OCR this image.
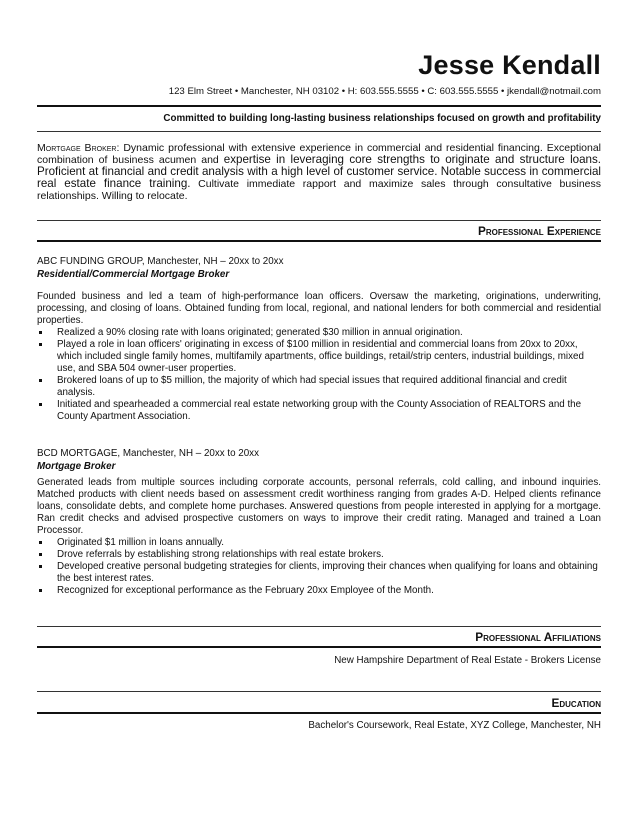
Jesse Kendall
123 Elm Street • Manchester, NH 03102 • H: 603.555.5555 • C: 603.555.5555 • jkendall@notmail.com
Committed to building long-lasting business relationships focused on growth and profitability
Mortgage Broker: Dynamic professional with extensive experience in commercial and residential financing. Exceptional combination of business acumen and expertise in leveraging core strengths to originate and structure loans. Proficient at financial and credit analysis with a high level of customer service. Notable success in commercial real estate finance training. Cultivate immediate rapport and maximize sales through consultative business relationships. Willing to relocate.
Professional Experience
ABC FUNDING GROUP, Manchester, NH – 20xx to 20xx
Residential/Commercial Mortgage Broker
Founded business and led a team of high-performance loan officers. Oversaw the marketing, originations, underwriting, processing, and closing of loans. Obtained funding from local, regional, and national lenders for both commercial and residential properties.
Realized a 90% closing rate with loans originated; generated $30 million in annual origination.
Played a role in loan officers' originating in excess of $100 million in residential and commercial loans from 20xx to 20xx, which included single family homes, multifamily apartments, office buildings, retail/strip centers, industrial buildings, mixed use, and SBA 504 owner-user properties.
Brokered loans of up to $5 million, the majority of which had special issues that required additional financial and credit analysis.
Initiated and spearheaded a commercial real estate networking group with the County Association of REALTORS and the County Apartment Association.
BCD MORTGAGE, Manchester, NH – 20xx to 20xx
Mortgage Broker
Generated leads from multiple sources including corporate accounts, personal referrals, cold calling, and inbound inquiries. Matched products with client needs based on assessment credit worthiness ranging from grades A-D. Helped clients refinance loans, consolidate debts, and complete home purchases. Answered questions from people interested in applying for a mortgage. Ran credit checks and advised prospective customers on ways to improve their credit rating. Managed and trained a Loan Processor.
Originated $1 million in loans annually.
Drove referrals by establishing strong relationships with real estate brokers.
Developed creative personal budgeting strategies for clients, improving their chances when qualifying for loans and obtaining the best interest rates.
Recognized for exceptional performance as the February 20xx Employee of the Month.
Professional Affiliations
New Hampshire Department of Real Estate - Brokers License
Education
Bachelor's Coursework, Real Estate, XYZ College, Manchester, NH
